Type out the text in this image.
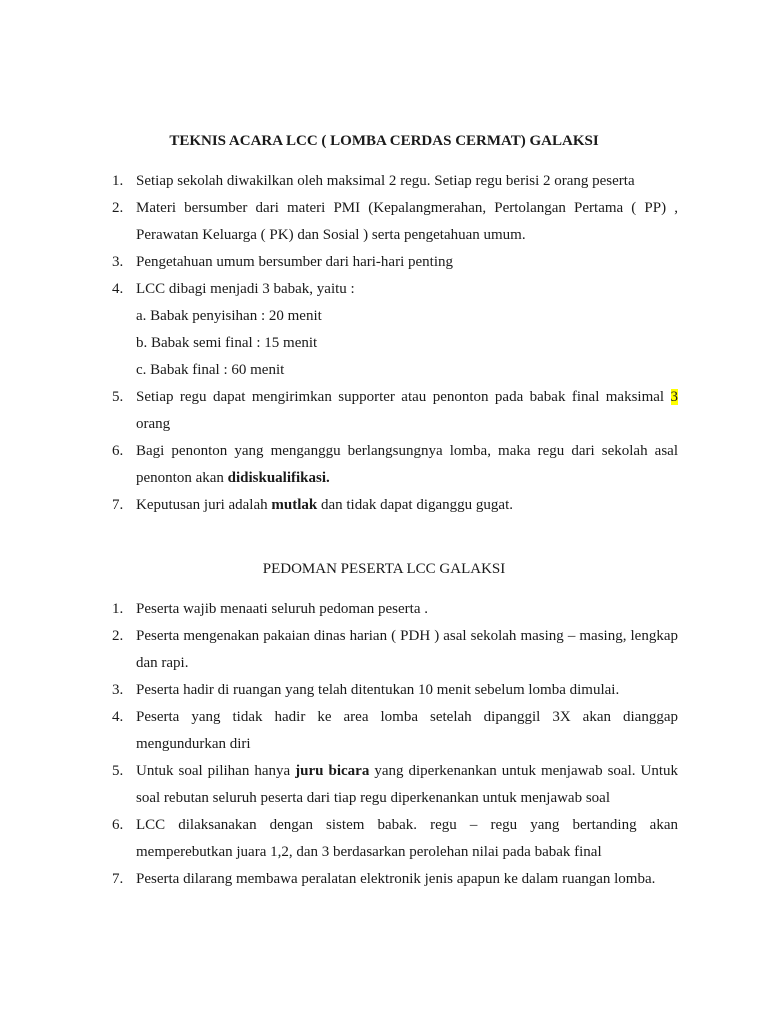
TEKNIS ACARA LCC ( LOMBA CERDAS CERMAT) GALAKSI
1. Setiap sekolah diwakilkan oleh maksimal 2 regu. Setiap regu berisi 2 orang peserta
2. Materi bersumber dari materi PMI (Kepalangmerahan, Pertolangan Pertama ( PP) , Perawatan Keluarga ( PK) dan Sosial ) serta pengetahuan umum.
3. Pengetahuan umum bersumber dari hari-hari penting
4. LCC dibagi menjadi 3 babak, yaitu :
a. Babak penyisihan : 20 menit
b. Babak semi final : 15 menit
c. Babak final : 60 menit
5. Setiap regu dapat mengirimkan supporter atau penonton pada babak final maksimal 3 orang
6. Bagi penonton yang menganggu berlangsungnya lomba, maka regu dari sekolah asal penonton akan didiskualifikasi.
7. Keputusan juri adalah mutlak dan tidak dapat diganggu gugat.
PEDOMAN PESERTA LCC GALAKSI
1. Peserta wajib menaati seluruh pedoman peserta .
2. Peserta mengenakan pakaian dinas harian ( PDH ) asal sekolah masing – masing, lengkap dan rapi.
3. Peserta hadir di ruangan yang telah ditentukan 10 menit sebelum lomba dimulai.
4. Peserta yang tidak hadir ke area lomba setelah dipanggil 3X akan dianggap mengundurkan diri
5. Untuk soal pilihan hanya juru bicara yang diperkenankan untuk menjawab soal. Untuk soal rebutan seluruh peserta dari tiap regu diperkenankan untuk menjawab soal
6. LCC dilaksanakan dengan sistem babak. regu – regu yang bertanding akan memperebutkan juara 1,2, dan 3 berdasarkan perolehan nilai pada babak final
7. Peserta dilarang membawa peralatan elektronik jenis apapun ke dalam ruangan lomba.
